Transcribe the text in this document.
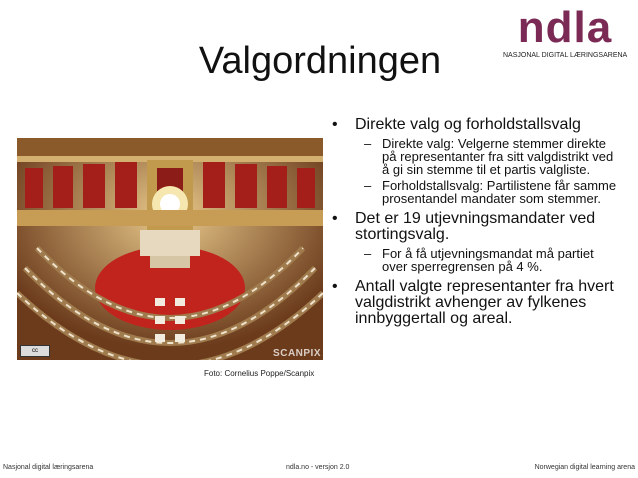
Valgordningen
ndla
NASJONAL DIGITAL LÆRINGSARENA
cc	SCANPIX
Foto: Cornelius Poppe/Scanpix
• Direkte valg og forholdstallsvalg
– Direkte valg: Velgerne stemmer direkte på representanter fra sitt valgdistrikt ved å gi sin stemme til et partis valgliste.
– Forholdstallsvalg: Partilistene får samme prosentandel mandater som stemmer.
• Det er 19 utjevningsmandater ved stortingsvalg.
– For å få utjevningsmandat må partiet over sperregrensen på 4 %.
• Antall valgte representanter fra hvert valgdistrikt avhenger av fylkenes innbyggertall og areal.
Nasjonal digital læringsarena	ndla.no - versjon 2.0	Norwegian digital learning arena
